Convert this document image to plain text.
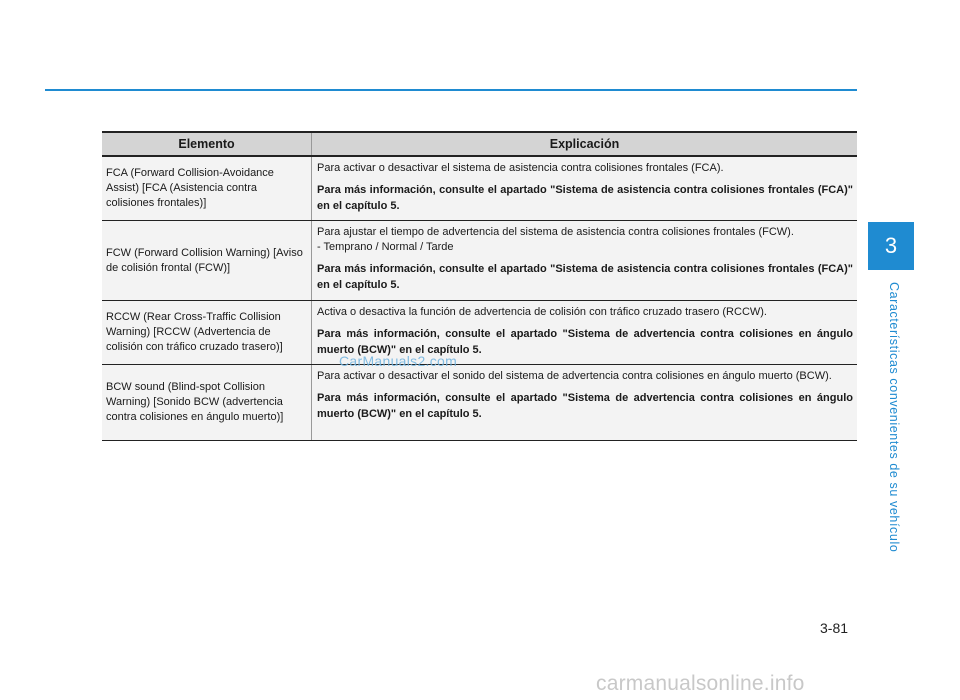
Elemento	Explicación
FCA (Forward Collision-Avoidance Assist) [FCA (Asistencia contra colisiones frontales)]	Para activar o desactivar el sistema de asistencia contra colisiones frontales (FCA).
Para más información, consulte el apartado "Sistema de asistencia contra colisiones frontales (FCA)" en el capítulo 5.

FCW (Forward Collision Warning) [Aviso de colisión frontal (FCW)]	Para ajustar el tiempo de advertencia del sistema de asistencia contra colisiones frontales (FCW).
- Temprano / Normal / Tarde
Para más información, consulte el apartado "Sistema de asistencia contra colisiones frontales (FCA)" en el capítulo 5.

RCCW (Rear Cross-Traffic Collision Warning) [RCCW (Advertencia de colisión con tráfico cruzado trasero)]	Activa o desactiva la función de advertencia de colisión con tráfico cruzado trasero (RCCW).
Para más información, consulte el apartado "Sistema de advertencia contra colisiones en ángulo muerto (BCW)" en el capítulo 5.

BCW sound (Blind-spot Collision Warning) [Sonido BCW (advertencia contra colisiones en ángulo muerto)]	Para activar o desactivar el sonido del sistema de advertencia contra colisiones en ángulo muerto (BCW).
Para más información, consulte el apartado "Sistema de advertencia contra colisiones en ángulo muerto (BCW)" en el capítulo 5.
CarManuals2.com
3
Características convenientes de su vehículo
3-81
carmanualsonline.info
